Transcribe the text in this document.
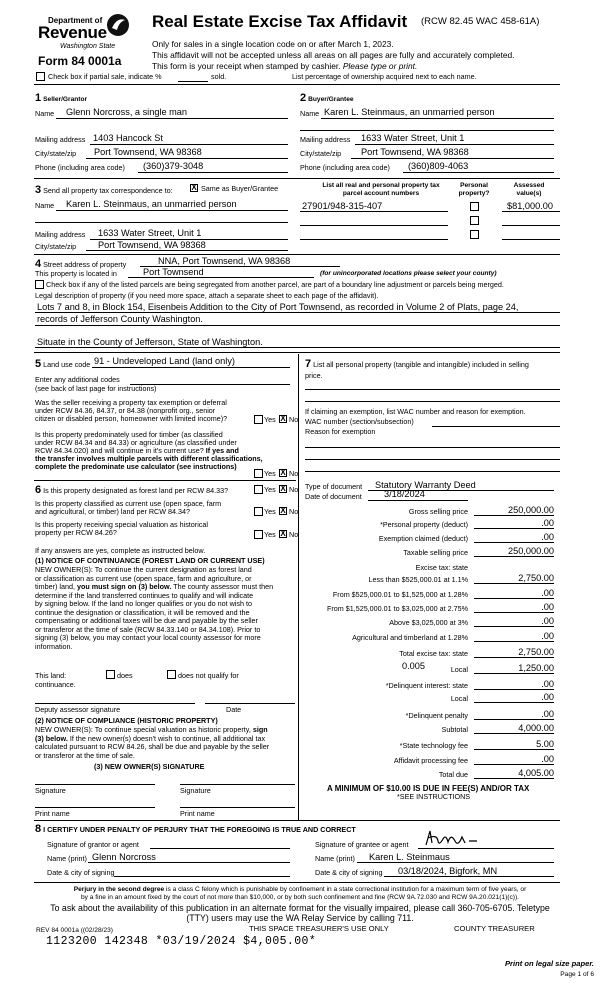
Department of
Revenue
Washington State
Form 84 0001a
Real Estate Excise Tax Affidavit (RCW 82.45 WAC 458-61A)
Only for sales in a single location code on or after March 1, 2023.
This affidavit will not be accepted unless all areas on all pages are fully and accurately completed.
This form is your receipt when stamped by cashier. Please type or print.
Check box if partial sale, indicate %	sold.	List percentage of ownership acquired next to each name.
1 Seller/Grantor
Name Glenn Norcross, a single man
Mailing address 1403 Hancock St
City/state/zip Port Townsend, WA 98368
Phone (including area code) (360)379-3048
2 Buyer/Grantee
Name Karen L. Steinmaus, an unmarried person
Mailing address 1633 Water Street, Unit 1
City/state/zip Port Townsend, WA 98368
Phone (including area code) (360)809-4063
3 Send all property tax correspondence to: X Same as Buyer/Grantee
Name Karen L. Steinmaus, an unmarried person
Mailing address 1633 Water Street, Unit 1
City/state/zip Port Townsend, WA 98368
List all real and personal property tax
parcel account numbers
Personal
property?
Assessed
value(s)
27901/948-315-407	$81,000.00
4 Street address of property	NNA, Port Townsend, WA 98368
This property is located in	Port Townsend	(for unincorporated locations please select your county)
Check box if any of the listed parcels are being segregated from another parcel, are part of a boundary line adjustment or parcels being merged.
Legal description of property (if you need more space, attach a separate sheet to each page of the affidavit).
Lots 7 and 8, in Block 154, Eisenbeis Addition to the City of Port Townsend, as recorded in Volume 2 of Plats, page 24,
records of Jefferson County Washington.
Situate in the County of Jefferson, State of Washington.
5 Land use code 91 - Undeveloped Land (land only)
Enter any additional codes
(see back of last page for instructions)
Was the seller receiving a property tax exemption or deferral
under RCW 84.36, 84.37, or 84.38 (nonprofit org., senior
citizen or disabled person, homeowner with limited income)?	Yes X No
Is this property predominately used for timber (as classified
under RCW 84.34 and 84.33) or agriculture (as classified under
RCW 84.34.020) and will continue in it's current use? If yes and
the transfer involves multiple parcels with different classifications,
complete the predominate use calculator (see instructions)
Yes X No
6 Is this property designated as forest land per RCW 84.33?	Yes X No
Is this property classified as current use (open space, farm
and agricultural, or timber) land per RCW 84.34?	Yes X No
Is this property receiving special valuation as historical
property per RCW 84.26?	Yes X No
If any answers are yes, complete as instructed below.
(1) NOTICE OF CONTINUANCE (FOREST LAND OR CURRENT USE)
NEW OWNER(S): To continue the current designation as forest land
or classification as current use (open space, farm and agriculture, or
timber) land, you must sign on (3) below. The county assessor must then
determine if the land transferred continues to qualify and will indicate
by signing below. If the land no longer qualifies or you do not wish to
continue the designation or classification, it will be removed and the
compensating or additional taxes will be due and payable by the seller
or transferor at the time of sale (RCW 84.33.140 or 84.34.108). Prior to
signing (3) below, you may contact your local county assessor for more
information.
This land:	does	does not qualify for
continuance.
Deputy assessor signature	Date
(2) NOTICE OF COMPLIANCE (HISTORIC PROPERTY)
NEW OWNER(S): To continue special valuation as historic property, sign
(3) below. If the new owner(s) doesn't wish to continue, all additional tax
calculated pursuant to RCW 84.26, shall be due and payable by the seller
or transferor at the time of sale.
(3) NEW OWNER(S) SIGNATURE
Signature	Signature
Print name	Print name
7 List all personal property (tangible and intangible) included in selling
price.
If claiming an exemption, list WAC number and reason for exemption.
WAC number (section/subsection)
Reason for exemption
Type of document Statutory Warranty Deed
Date of document 3/18/2024
Gross selling price	250,000.00
*Personal property (deduct)	.00
Exemption claimed (deduct)	.00
Taxable selling price	250,000.00
Excise tax: state
Less than $525,000.01 at 1.1%	2,750.00
From $525,000.01 to $1,525,000 at 1.28%	.00
From $1,525,000.01 to $3,025,000 at 2.75%	.00
Above $3,025,000 at 3%	.00
Agricultural and timberland at 1.28%	.00
Total excise tax: state	2,750.00
Local	1,250.00
0.005
*Delinquent interest: state	.00
Local	.00
*Delinquent penalty	.00
Subtotal	4,000.00
*State technology fee	5.00
Affidavit processing fee	.00
Total due	4,005.00
A MINIMUM OF $10.00 IS DUE IN FEE(S) AND/OR TAX
*SEE INSTRUCTIONS
8 I CERTIFY UNDER PENALTY OF PERJURY THAT THE FOREGOING IS TRUE AND CORRECT
Signature of grantor or agent
Name (print) Glenn Norcross
Date & city of signing
Signature of grantee or agent
Name (print) Karen L. Steinmaus
Date & city of signing 03/18/2024, Bigfork, MN
Perjury in the second degree is a class C felony which is punishable by confinement in a state correctional institution for a maximum term of five years, or
by a fine in an amount fixed by the court of not more than $10,000, or by both such confinement and fine (RCW 9A.72.030 and RCW 9A.20.021(1)(c)).
To ask about the availability of this publication in an alternate format for the visually impaired, please call 360-705-6705. Teletype
(TTY) users may use the WA Relay Service by calling 711.
REV 84 0001a ((02/28/23)	THIS SPACE TREASURER'S USE ONLY	COUNTY TREASURER
1123200 142348 *03/19/2024 $4,005.00*
Print on legal size paper.
Page 1 of 6
